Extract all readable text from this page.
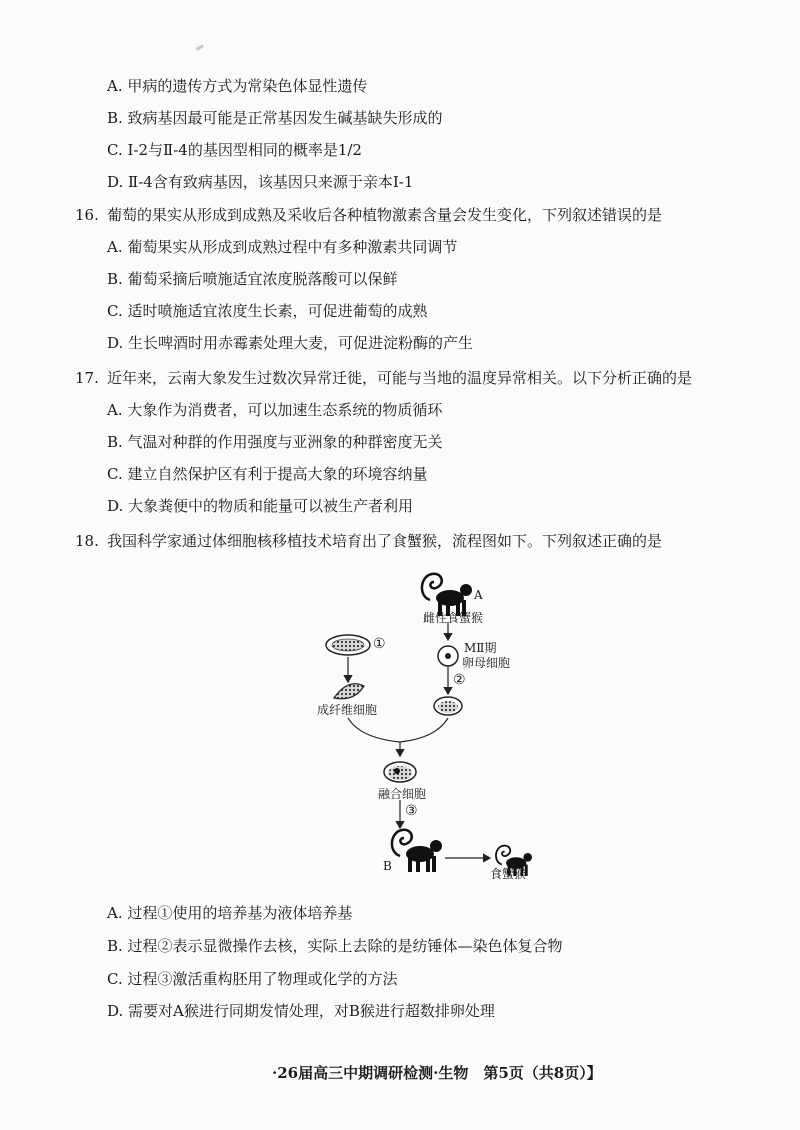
A. 甲病的遗传方式为常染色体显性遗传
B. 致病基因最可能是正常基因发生碱基缺失形成的
C. Ⅰ-2与Ⅱ-4的基因型相同的概率是1/2
D. Ⅱ-4含有致病基因，该基因只来源于亲本Ⅰ-1
16. 葡萄的果实从形成到成熟及采收后各种植物激素含量会发生变化，下列叙述错误的是
A. 葡萄果实从形成到成熟过程中有多种激素共同调节
B. 葡萄采摘后喷施适宜浓度脱落酸可以保鲜
C. 适时喷施适宜浓度生长素，可促进葡萄的成熟
D. 生长啤酒时用赤霉素处理大麦，可促进淀粉酶的产生
17. 近年来，云南大象发生过数次异常迁徙，可能与当地的温度异常相关。以下分析正确的是
A. 大象作为消费者，可以加速生态系统的物质循环
B. 气温对种群的作用强度与亚洲象的种群密度无关
C. 建立自然保护区有利于提高大象的环境容纳量
D. 大象粪便中的物质和能量可以被生产者利用
18. 我国科学家通过体细胞核移植技术培育出了食蟹猴，流程图如下。下列叙述正确的是
A
雌性食蟹猴
MⅡ期
卵母细胞
①
②
成纤维细胞
融合细胞
③
B
食蟹猴
A. 过程①使用的培养基为液体培养基
B. 过程②表示显微操作去核，实际上去除的是纺锤体—染色体复合物
C. 过程③激活重构胚用了物理或化学的方法
D. 需要对A猴进行同期发情处理，对B猴进行超数排卵处理
·26届高三中期调研检测·生物　第5页（共8页）】
